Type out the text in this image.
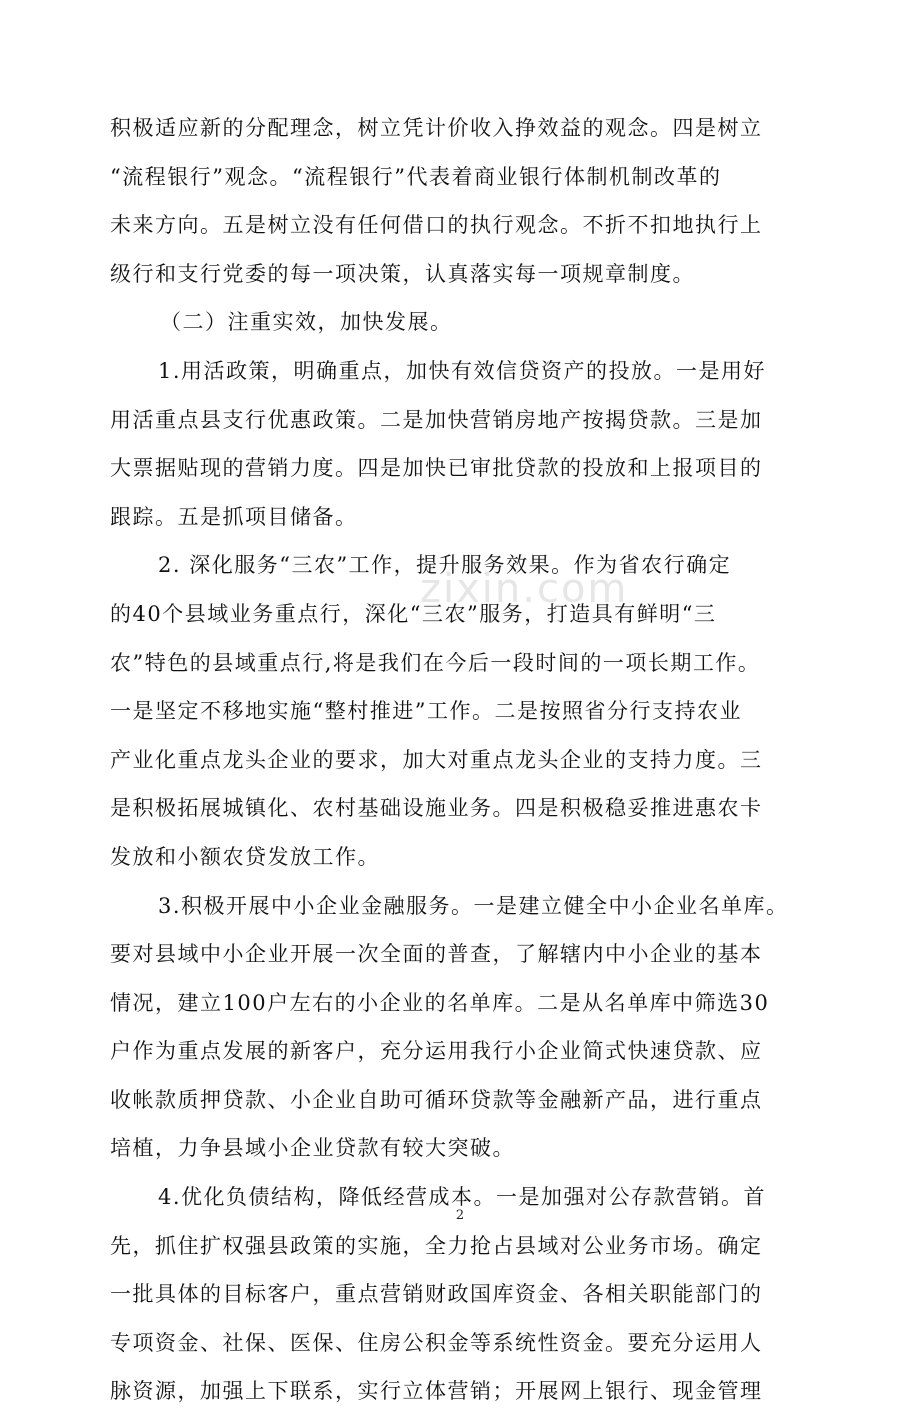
积极适应新的分配理念，树立凭计价收入挣效益的观念。四是树立
“流程银行”观念。“流程银行”代表着商业银行体制机制改革的
未来方向。五是树立没有任何借口的执行观念。不折不扣地执行上
级行和支行党委的每一项决策，认真落实每一项规章制度。
（二）注重实效，加快发展。
1.用活政策，明确重点，加快有效信贷资产的投放。一是用好
用活重点县支行优惠政策。二是加快营销房地产按揭贷款。三是加
大票据贴现的营销力度。四是加快已审批贷款的投放和上报项目的
跟踪。五是抓项目储备。
2. 深化服务“三农”工作，提升服务效果。作为省农行确定
的40个县域业务重点行，深化“三农”服务，打造具有鲜明“三
农”特色的县域重点行,将是我们在今后一段时间的一项长期工作。
一是坚定不移地实施“整村推进”工作。二是按照省分行支持农业
产业化重点龙头企业的要求，加大对重点龙头企业的支持力度。三
是积极拓展城镇化、农村基础设施业务。四是积极稳妥推进惠农卡
发放和小额农贷发放工作。
3.积极开展中小企业金融服务。一是建立健全中小企业名单库。
要对县域中小企业开展一次全面的普查，了解辖内中小企业的基本
情况，建立100户左右的小企业的名单库。二是从名单库中筛选30
户作为重点发展的新客户，充分运用我行小企业简式快速贷款、应
收帐款质押贷款、小企业自助可循环贷款等金融新产品，进行重点
培植，力争县域小企业贷款有较大突破。
4.优化负债结构，降低经营成本。一是加强对公存款营销。首
先，抓住扩权强县政策的实施，全力抢占县域对公业务市场。确定
一批具体的目标客户，重点营销财政国库资金、各相关职能部门的
专项资金、社保、医保、住房公积金等系统性资金。要充分运用人
脉资源，加强上下联系，实行立体营销；开展网上银行、现金管理
zixin.com
2
